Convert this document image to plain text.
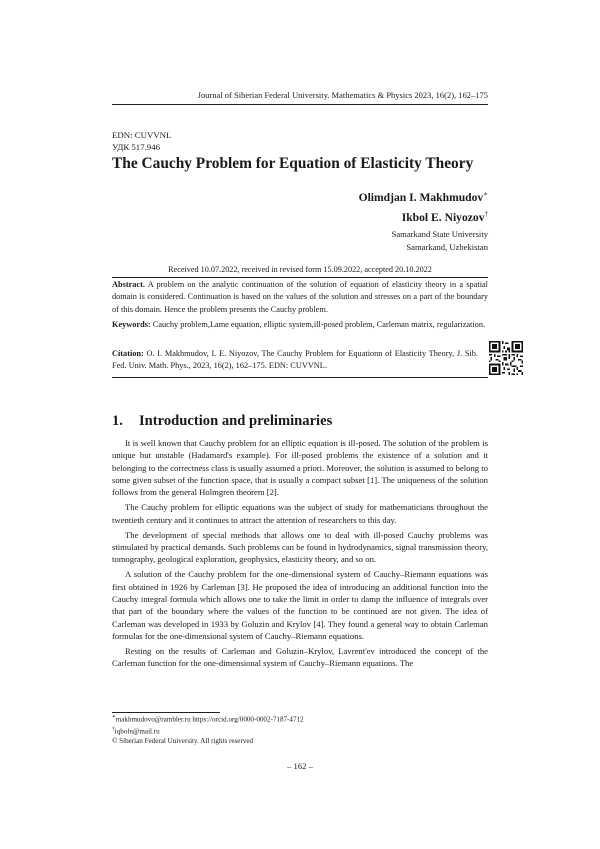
Journal of Siberian Federal University. Mathematics & Physics 2023, 16(2), 162–175
EDN: CUVVNL
УДК 517.946
The Cauchy Problem for Equation of Elasticity Theory
Olimdjan I. Makhmudov∗
Ikbol E. Niyozov†
Samarkand State University
Samarkand, Uzbekistan
Received 10.07.2022, received in revised form 15.09.2022, accepted 20.10.2022
Abstract. A problem on the analytic continuation of the solution of equation of elasticity theory in a spatial domain is considered. Continuation is based on the values of the solution and stresses on a part of the boundary of this domain. Hence the problem presents the Cauchy problem.
Keywords: Cauchy problem,Lame equation, elliptic system,ill-posed problem, Carleman matrix, regularization.
Citation: O. I. Makhmudov, I. E. Niyozov, The Cauchy Problem for Equationn of Elasticity Theory, J. Sib. Fed. Univ. Math. Phys., 2023, 16(2), 162–175. EDN: CUVVNL.
1. Introduction and preliminaries

It is well known that Cauchy problem for an elliptic equation is ill-posed. The solution of the problem is unique but unstable (Hadamard's example). For ill-posed problems the existence of a solution and it belonging to the correctness class is usually assumed a priori. Moreover, the solution is assumed to belong to some given subset of the function space, that is usually a compact subset [1]. The uniqueness of the solution follows from the general Holmgren theorem [2].

The Cauchy problem for elliptic equations was the subject of study for mathematicians throughout the twentieth century and it continues to attract the attention of researchers to this day.

The development of special methods that allows one to deal with ill-posed Cauchy problems was stimulated by practical demands. Such problems can be found in hydrodynamics, signal transmission theory, tomography, geological exploration, geophysics, elasticity theory, and so on.

A solution of the Cauchy problem for the one-dimensional system of Cauchy–Riemann equations was first obtained in 1926 by Carleman [3]. He proposed the idea of introducing an additional function into the Cauchy integral formula which allows one to take the limit in order to damp the influence of integrals over that part of the boundary where the values of the function to be continued are not given. The idea of Carleman was developed in 1933 by Goluzin and Krylov [4]. They found a general way to obtain Carleman formulas for the one-dimensional system of Cauchy–Riemann equations.

Resting on the results of Carleman and Goluzin–Krylov, Lavrent'ev introduced the concept of the Carleman function for the one-dimensional system of Cauchy–Riemann equations. The

∗makhmudovo@rambler.ru https://orcid.org/0000-0002-7187-4712
†iqboln@mail.ru
© Siberian Federal University. All rights reserved
– 162 –
